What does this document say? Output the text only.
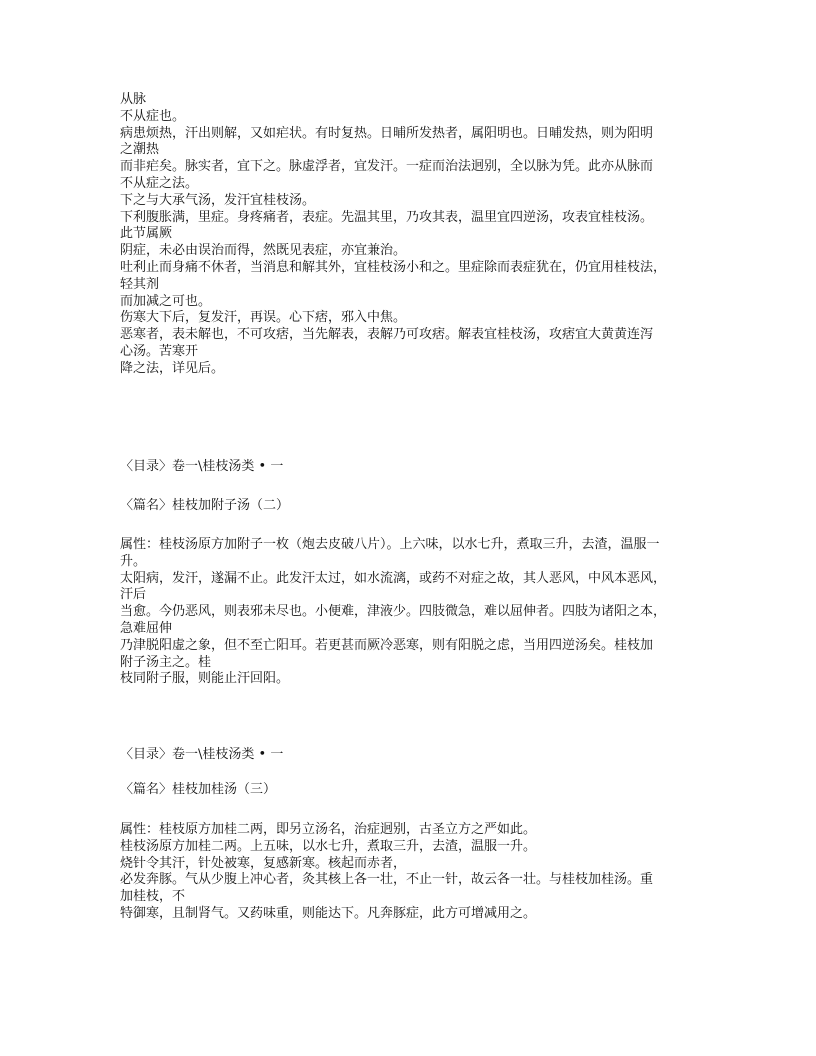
从脉
不从症也。
病患烦热，汗出则解，又如疟状。有时复热。日晡所发热者，属阳明也。日晡发热，则为阳明
之潮热
而非疟矣。脉实者，宜下之。脉虚浮者，宜发汗。一症而治法迥别，全以脉为凭。此亦从脉而
不从症之法。
下之与大承气汤，发汗宜桂枝汤。
下利腹胀满，里症。身疼痛者，表症。先温其里，乃攻其表，温里宜四逆汤，攻表宜桂枝汤。
此节属厥
阴症，未必由误治而得，然既见表症，亦宜兼治。
吐利止而身痛不休者，当消息和解其外，宜桂枝汤小和之。里症除而表症犹在，仍宜用桂枝法，
轻其剂
而加减之可也。
伤寒大下后，复发汗，再误。心下痞，邪入中焦。
恶寒者，表未解也，不可攻痞，当先解表，表解乃可攻痞。解表宜桂枝汤，攻痞宜大黄黄连泻
心汤。苦寒开
降之法，详见后。
〈目录〉卷一\桂枝汤类 • 一
〈篇名〉桂枝加附子汤（二）
属性：桂枝汤原方加附子一枚（炮去皮破八片）。上六味，以水七升，煮取三升，去渣，温服一
升。
太阳病，发汗，遂漏不止。此发汗太过，如水流漓，或药不对症之故，其人恶风，中风本恶风，
汗后
当愈。今仍恶风，则表邪未尽也。小便难，津液少。四肢微急，难以屈伸者。四肢为诸阳之本，
急难屈伸
乃津脱阳虚之象，但不至亡阳耳。若更甚而厥冷恶寒，则有阳脱之虑，当用四逆汤矣。桂枝加
附子汤主之。桂
枝同附子服，则能止汗回阳。
〈目录〉卷一\桂枝汤类 • 一
〈篇名〉桂枝加桂汤（三）
属性：桂枝原方加桂二两，即另立汤名，治症迥别，古圣立方之严如此。
桂枝汤原方加桂二两。上五味，以水七升，煮取三升，去渣，温服一升。
烧针令其汗，针处被寒，复感新寒。核起而赤者，
必发奔豚。气从少腹上冲心者，灸其核上各一壮，不止一针，故云各一壮。与桂枝加桂汤。重
加桂枝，不
特御寒，且制肾气。又药味重，则能达下。凡奔豚症，此方可增减用之。
